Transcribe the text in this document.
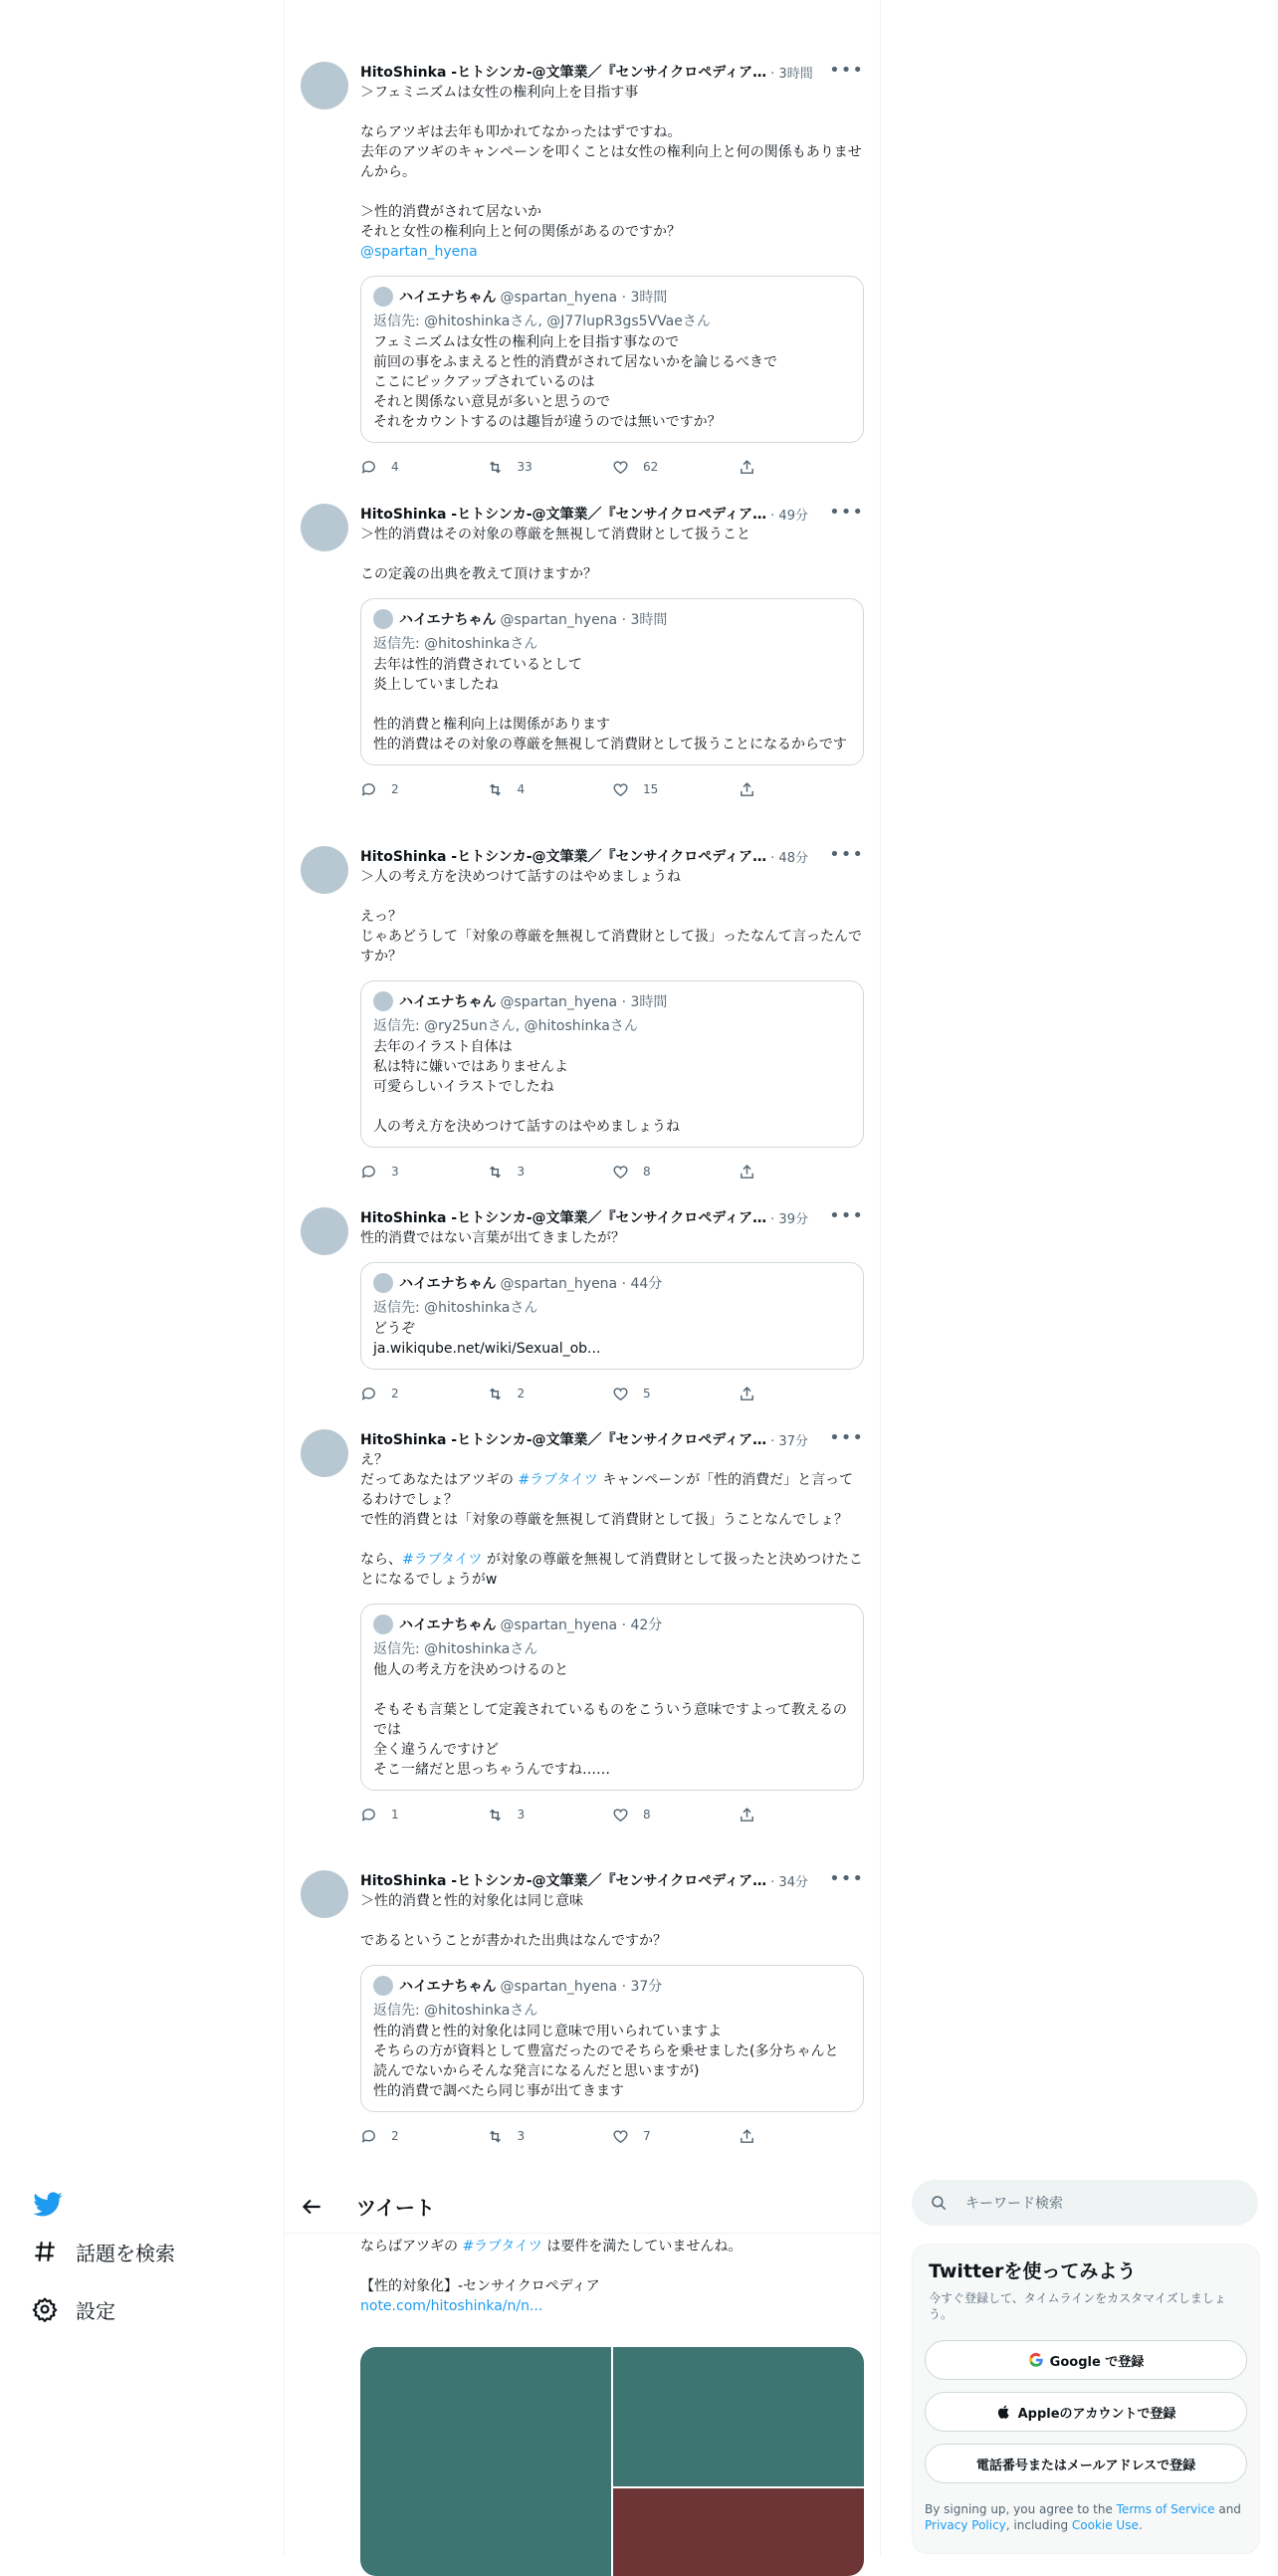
HitoShinka -ヒトシンカ-@文筆業／『センサイクロペディア… · 3時間 •••
＞フェミニズムは女性の権利向上を目指す事

ならアツギは去年も叩かれてなかったはずですね。
去年のアツギのキャンペーンを叩くことは女性の権利向上と何の関係もありませんから。

＞性的消費がされて居ないか
それと女性の権利向上と何の関係があるのですか？
@spartan_hyena
ハイエナちゃん @spartan_hyena · 3時間
返信先: @hitoshinkaさん, @J77lupR3gs5VVaeさん
フェミニズムは女性の権利向上を目指す事なので
前回の事をふまえると性的消費がされて居ないかを論じるべきで
ここにピックアップされているのは
それと関係ない意見が多いと思うので
それをカウントするのは趣旨が違うのでは無いですか？
4	33	62
HitoShinka -ヒトシンカ-@文筆業／『センサイクロペディア… · 49分 •••
＞性的消費はその対象の尊厳を無視して消費財として扱うこと

この定義の出典を教えて頂けますか？
ハイエナちゃん @spartan_hyena · 3時間
返信先: @hitoshinkaさん
去年は性的消費されているとして
炎上していましたね

性的消費と権利向上は関係があります
性的消費はその対象の尊厳を無視して消費財として扱うことになるからです
2	4	15
HitoShinka -ヒトシンカ-@文筆業／『センサイクロペディア… · 48分 •••
＞人の考え方を決めつけて話すのはやめましょうね

えっ？
じゃあどうして「対象の尊厳を無視して消費財として扱」ったなんて言ったんですか？
ハイエナちゃん @spartan_hyena · 3時間
返信先: @ry25unさん, @hitoshinkaさん
去年のイラスト自体は
私は特に嫌いではありませんよ
可愛らしいイラストでしたね

人の考え方を決めつけて話すのはやめましょうね
3	3	8
HitoShinka -ヒトシンカ-@文筆業／『センサイクロペディア… · 39分 •••
性的消費ではない言葉が出てきましたが？
ハイエナちゃん @spartan_hyena · 44分
返信先: @hitoshinkaさん
どうぞ
ja.wikiqube.net/wiki/Sexual_ob...
2	2	5
HitoShinka -ヒトシンカ-@文筆業／『センサイクロペディア… · 37分 •••
え？
だってあなたはアツギの #ラブタイツ キャンペーンが「性的消費だ」と言ってるわけでしょ？
で性的消費とは「対象の尊厳を無視して消費財として扱」うことなんでしょ？

なら、#ラブタイツ が対象の尊厳を無視して消費財として扱ったと決めつけたことになるでしょうがw
ハイエナちゃん @spartan_hyena · 42分
返信先: @hitoshinkaさん
他人の考え方を決めつけるのと

そもそも言葉として定義されているものをこういう意味ですよって教えるのでは
全く違うんですけど
そこ一緒だと思っちゃうんですね……
1	3	8
HitoShinka -ヒトシンカ-@文筆業／『センサイクロペディア… · 34分 •••
＞性的消費と性的対象化は同じ意味

であるということが書かれた出典はなんですか？
ハイエナちゃん @spartan_hyena · 37分
返信先: @hitoshinkaさん
性的消費と性的対象化は同じ意味で用いられていますよ
そちらの方が資料として豊富だったのでそちらを乗せました(多分ちゃんと読んでないからそんな発言になるんだと思いますが)
性的消費で調べたら同じ事が出てきます
2	3	7
話題を検索
設定
ツイート
ならばアツギの #ラブタイツ は要件を満たしていませんね。

【性的対象化】-センサイクロペディア
note.com/hitoshinka/n/n...
キーワード検索
Twitterを使ってみよう
今すぐ登録して、タイムラインをカスタマイズしましょう。
Google で登録
Appleのアカウントで登録
電話番号またはメールアドレスで登録
By signing up, you agree to the Terms of Service and Privacy Policy, including Cookie Use.
